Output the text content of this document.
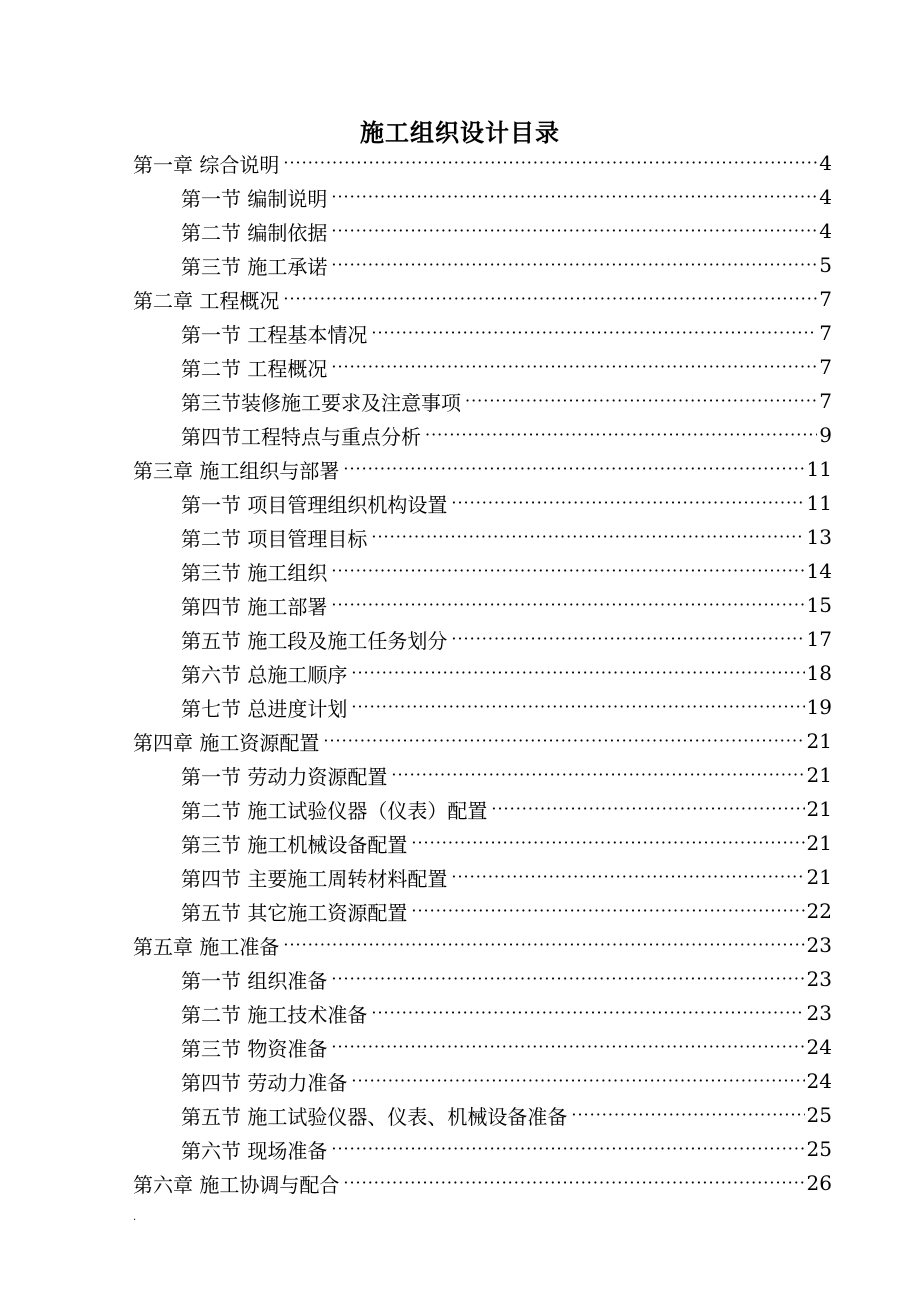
施工组织设计目录
第一章 综合说明 ·····	4
第一节 编制说明 ·····	4
第二节 编制依据 ·····	4
第三节 施工承诺 ·····	5
第二章 工程概况 ·····	7
第一节 工程基本情况 ·····	7
第二节 工程概况 ·····	7
第三节装修施工要求及注意事项 ·····	7
第四节工程特点与重点分析 ·····	9
第三章 施工组织与部署 ·····	11
第一节 项目管理组织机构设置 ·····	11
第二节 项目管理目标 ·····	13
第三节 施工组织 ·····	14
第四节 施工部署 ·····	15
第五节 施工段及施工任务划分 ·····	17
第六节 总施工顺序 ·····	18
第七节 总进度计划 ·····	19
第四章 施工资源配置 ·····	21
第一节 劳动力资源配置 ·····	21
第二节 施工试验仪器（仪表）配置 ·····	21
第三节 施工机械设备配置 ·····	21
第四节 主要施工周转材料配置 ·····	21
第五节 其它施工资源配置 ·····	22
第五章 施工准备 ·····	23
第一节 组织准备 ·····	23
第二节 施工技术准备 ·····	23
第三节 物资准备 ·····	24
第四节 劳动力准备 ·····	24
第五节 施工试验仪器、仪表、机械设备准备 ·····	25
第六节 现场准备 ·····	25
第六章 施工协调与配合 ·····	26
.
